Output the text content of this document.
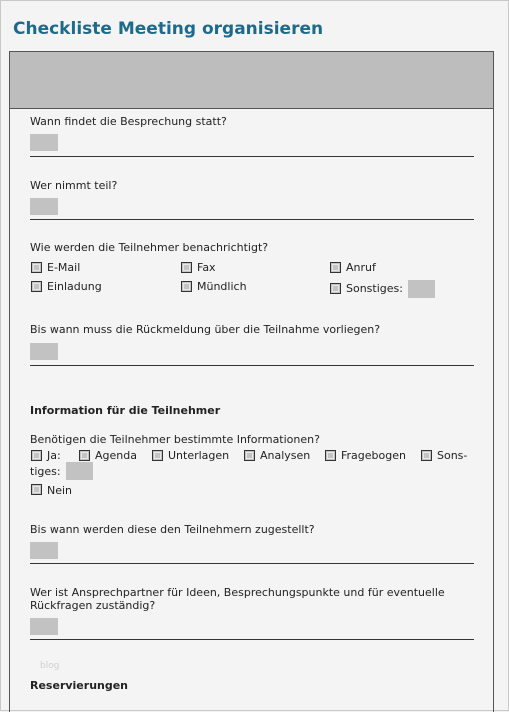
Checkliste Meeting organisieren
Wann findet die Besprechung statt?
Wer nimmt teil?
Wie werden die Teilnehmer benachrichtigt?
E-Mail	Fax	Anruf
Einladung	Mündlich	Sonstiges:
Bis wann muss die Rückmeldung über die Teilnahme vorliegen?
Information für die Teilnehmer
Benötigen die Teilnehmer bestimmte Informationen?
Ja:	Agenda	Unterlagen	Analysen	Fragebogen	Sons-
tiges:
Nein
Bis wann werden diese den Teilnehmern zugestellt?
Wer ist Ansprechpartner für Ideen, Besprechungspunkte und für eventuelle
Rückfragen zuständig?
blog
Reservierungen
